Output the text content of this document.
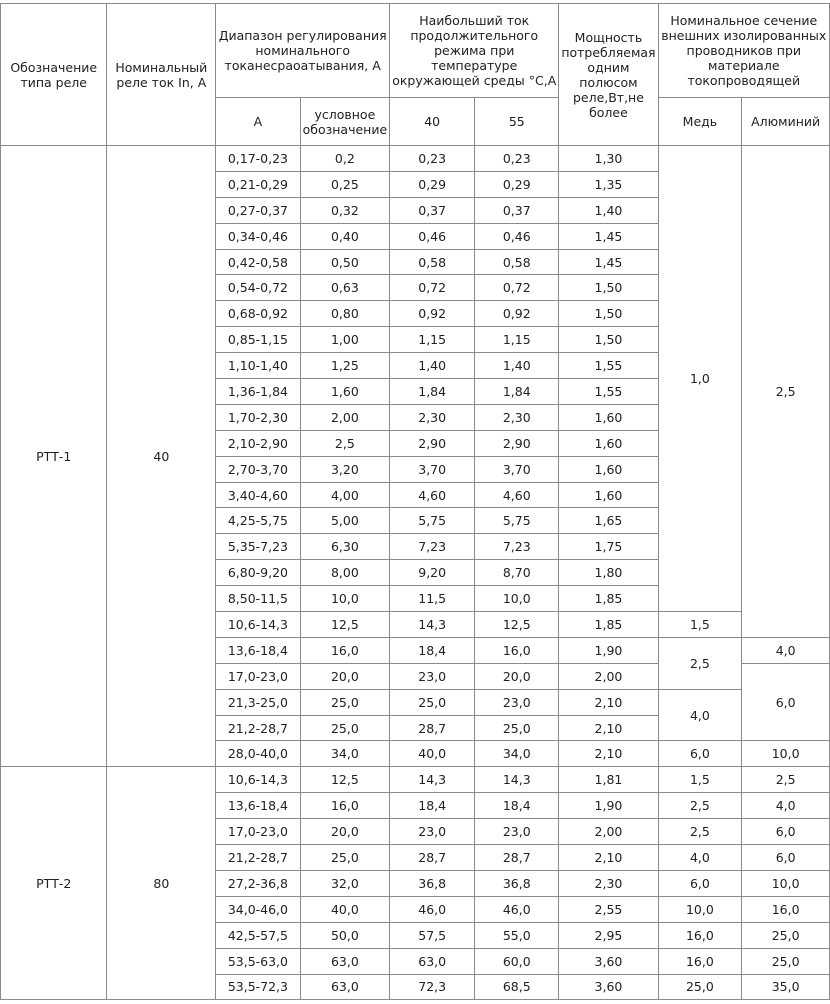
Обозначение типа реле	Номинальный реле ток In, А	Диапазон регулирования номинального токанесраоатывания, А		Наибольший ток продолжительного режима при температуре окружающей среды °С,А		Мощность потребляемая одним полюсом реле,Вт,не более	Номинальное сечение внешних изолированных проводников при материале токопроводящей	
		А	условное обозначение	40	55		Медь	Алюминий
РТТ-1	40	0,17-0,23	0,2	0,23	0,23	1,30	1,0	2,5
		0,21-0,29	0,25	0,29	0,29	1,35		
		0,27-0,37	0,32	0,37	0,37	1,40		
		0,34-0,46	0,40	0,46	0,46	1,45		
		0,42-0,58	0,50	0,58	0,58	1,45		
		0,54-0,72	0,63	0,72	0,72	1,50		
		0,68-0,92	0,80	0,92	0,92	1,50		
		0,85-1,15	1,00	1,15	1,15	1,50		
		1,10-1,40	1,25	1,40	1,40	1,55		
		1,36-1,84	1,60	1,84	1,84	1,55		
		1,70-2,30	2,00	2,30	2,30	1,60		
		2,10-2,90	2,5	2,90	2,90	1,60		
		2,70-3,70	3,20	3,70	3,70	1,60		
		3,40-4,60	4,00	4,60	4,60	1,60		
		4,25-5,75	5,00	5,75	5,75	1,65		
		5,35-7,23	6,30	7,23	7,23	1,75		
		6,80-9,20	8,00	9,20	8,70	1,80		
		8,50-11,5	10,0	11,5	10,0	1,85		
		10,6-14,3	12,5	14,3	12,5	1,85	1,5	
		13,6-18,4	16,0	18,4	16,0	1,90	2,5	4,0
		17,0-23,0	20,0	23,0	20,0	2,00		6,0
		21,3-25,0	25,0	25,0	23,0	2,10	4,0	
		21,2-28,7	25,0	28,7	25,0	2,10		
		28,0-40,0	34,0	40,0	34,0	2,10	6,0	10,0
РТТ-2	80	10,6-14,3	12,5	14,3	14,3	1,81	1,5	2,5
		13,6-18,4	16,0	18,4	18,4	1,90	2,5	4,0
		17,0-23,0	20,0	23,0	23,0	2,00	2,5	6,0
		21,2-28,7	25,0	28,7	28,7	2,10	4,0	6,0
		27,2-36,8	32,0	36,8	36,8	2,30	6,0	10,0
		34,0-46,0	40,0	46,0	46,0	2,55	10,0	16,0
		42,5-57,5	50,0	57,5	55,0	2,95	16,0	25,0
		53,5-63,0	63,0	63,0	60,0	3,60	16,0	25,0
		53,5-72,3	63,0	72,3	68,5	3,60	25,0	35,0
